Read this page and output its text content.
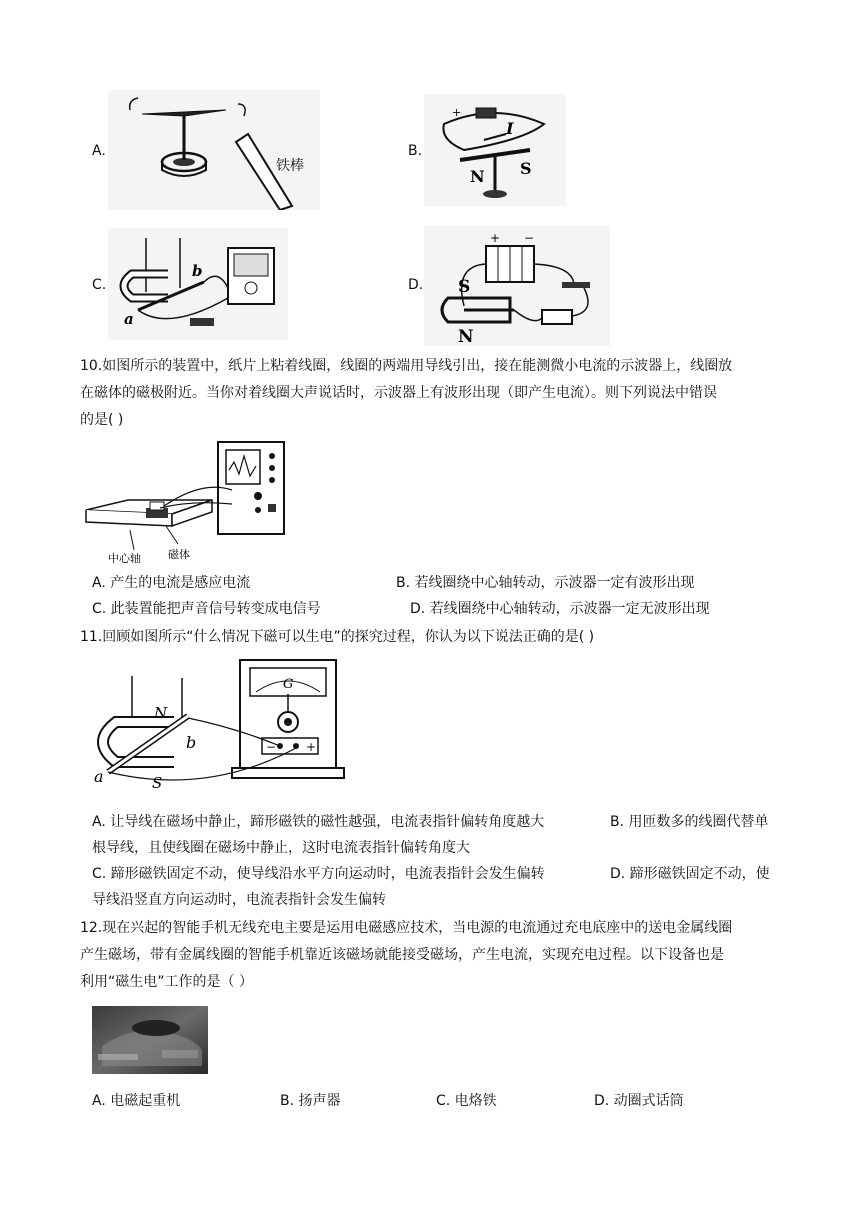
A.
铁棒
B.
+
I
N S
C.
b
a
D.
+ −
S
N
10.如图所示的装置中，纸片上粘着线圈，线圈的两端用导线引出，接在能测微小电流的示波器上，线圈放
在磁体的磁极附近。当你对着线圈大声说话时，示波器上有波形出现（即产生电流）。则下列说法中错误
的是( )
中心轴 磁体
A. 产生的电流是感应电流	B. 若线圈绕中心轴转动，示波器一定有波形出现
C. 此装置能把声音信号转变成电信号	D. 若线圈绕中心轴转动，示波器一定无波形出现
11.回顾如图所示“什么情况下磁可以生电”的探究过程，你认为以下说法正确的是( )
N
S
b
a
G
− +
A. 让导线在磁场中静止，蹄形磁铁的磁性越强，电流表指针偏转角度越大	B. 用匝数多的线圈代替单
根导线，且使线圈在磁场中静止，这时电流表指针偏转角度大
C. 蹄形磁铁固定不动，使导线沿水平方向运动时，电流表指针会发生偏转	D. 蹄形磁铁固定不动，使
导线沿竖直方向运动时，电流表指针会发生偏转
12.现在兴起的智能手机无线充电主要是运用电磁感应技术，当电源的电流通过充电底座中的送电金属线圈
产生磁场，带有金属线圈的智能手机靠近该磁场就能接受磁场，产生电流，实现充电过程。以下设备也是
利用“磁生电”工作的是（ ）
A. 电磁起重机	B. 扬声器	C. 电烙铁	D. 动圈式话筒
